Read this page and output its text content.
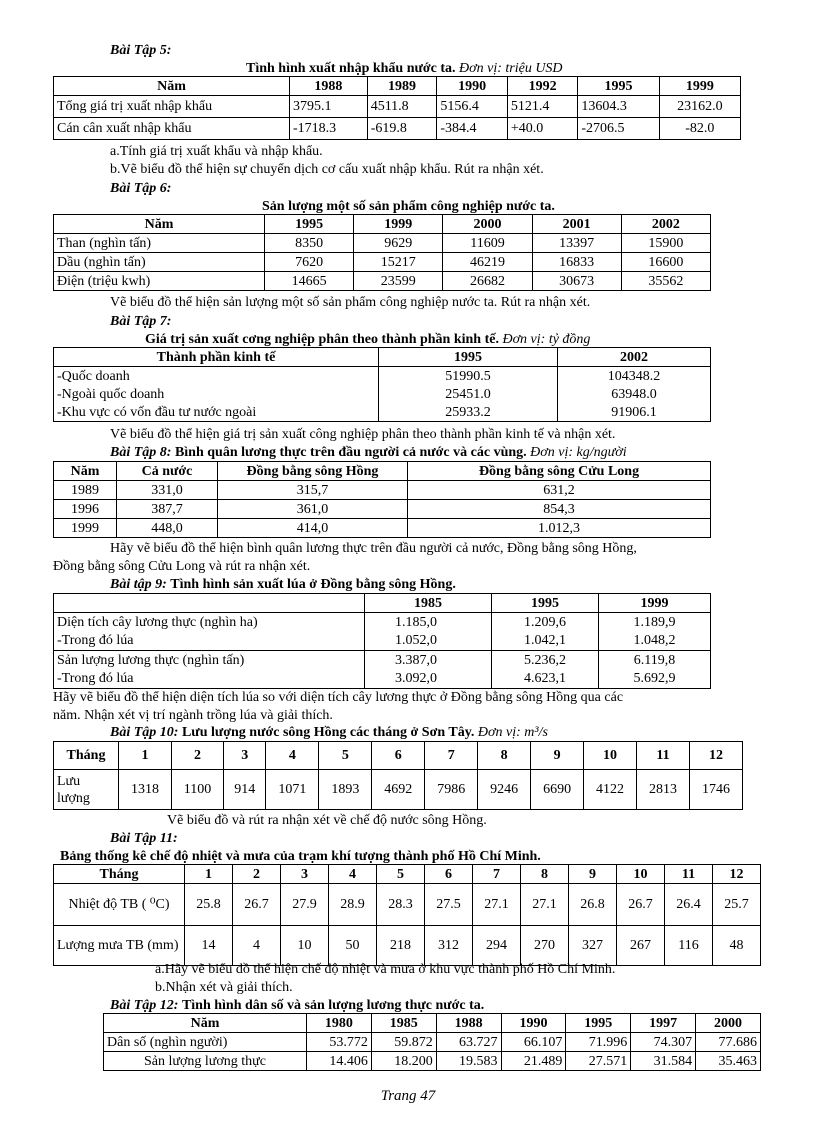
Bài Tập 5:
Tình hình xuất nhập khẩu nước ta. Đơn vị: triệu USD
Năm	1988	1989	1990	1992	1995	1999
Tổng giá trị xuất nhập khẩu	3795.1	4511.8	5156.4	5121.4	13604.3	23162.0
Cán cân xuất nhập khẩu	-1718.3	-619.8	-384.4	+40.0	-2706.5	-82.0
a.Tính giá trị xuất khẩu và nhập khẩu.
b.Vẽ biểu đồ thể hiện sự chuyển dịch cơ cấu xuất nhập khẩu. Rút ra nhận xét.
Bài Tập 6:
Sản lượng một số sản phẩm công nghiệp nước ta.
Năm	1995	1999	2000	2001	2002
Than (nghìn tấn)	8350	9629	11609	13397	15900
Dầu (nghìn tấn)	7620	15217	46219	16833	16600
Điện (triệu kwh)	14665	23599	26682	30673	35562
Vẽ biểu đồ thể hiện sản lượng một số sản phẩm công nghiệp nước ta. Rút ra nhận xét.
Bài Tập 7:
Giá trị sản xuất cơng nghiệp phân theo thành phần kinh tế. Đơn vị: tỷ đồng
Thành phần kinh tế	1995	2002
-Quốc doanh	51990.5	104348.2
-Ngoài quốc doanh	25451.0	63948.0
-Khu vực có vốn đầu tư nước ngoài	25933.2	91906.1
Vẽ biểu đồ thể hiện giá trị sản xuất công nghiệp phân theo thành phần kinh tế và nhận xét.
Bài Tập 8: Bình quân lương thực trên đầu người cả nước và các vùng. Đơn vị: kg/người
Năm	Cả nước	Đồng bằng sông Hồng	Đồng bằng sông Cửu Long
1989	331,0	315,7	631,2
1996	387,7	361,0	854,3
1999	448,0	414,0	1.012,3
Hãy vẽ biểu đồ thể hiện bình quân lương thực trên đầu người cả nước, Đồng bằng sông Hồng,
Đồng bằng sông Cửu Long và rút ra nhận xét.
Bài tập 9: Tình hình sản xuất lúa ở Đồng bằng sông Hồng.
	1985	1995	1999
Diện tích cây lương thực (nghìn ha)	1.185,0	1.209,6	1.189,9
-Trong đó lúa	1.052,0	1.042,1	1.048,2
Sản lượng lương thực (nghìn tấn)	3.387,0	5.236,2	6.119,8
-Trong đó lúa	3.092,0	4.623,1	5.692,9
Hãy vẽ biểu đồ thể hiện diện tích lúa so với diện tích cây lương thực ở Đồng bằng sông Hồng qua các
năm. Nhận xét vị trí ngành trồng lúa và giải thích.
Bài Tập 10: Lưu lượng nước sông Hồng các tháng ở Sơn Tây. Đơn vị: m³/s
Tháng	1	2	3	4	5	6	7	8	9	10	11	12
Lưu lượng	1318	1100	914	1071	1893	4692	7986	9246	6690	4122	2813	1746
Vẽ biểu đồ và rút ra nhận xét về chế độ nước sông Hồng.
Bài Tập 11:
Bảng thống kê chế độ nhiệt và mưa của trạm khí tượng thành phố Hồ Chí Minh.
Tháng	1	2	3	4	5	6	7	8	9	10	11	12
Nhiệt độ TB ( ⁰C)	25.8	26.7	27.9	28.9	28.3	27.5	27.1	27.1	26.8	26.7	26.4	25.7
Lượng mưa TB (mm)	14	4	10	50	218	312	294	270	327	267	116	48
a.Hãy vẽ biểu đồ thể hiện chế độ nhiệt và mưa ở khu vực thành phố Hồ Chí Minh.
b.Nhận xét và giải thích.
Bài Tập 12: Tình hình dân số và sản lượng lương thực nước ta.
Năm	1980	1985	1988	1990	1995	1997	2000
Dân số (nghìn người)	53.772	59.872	63.727	66.107	71.996	74.307	77.686
Sản lượng lương thực	14.406	18.200	19.583	21.489	27.571	31.584	35.463
Trang 47
